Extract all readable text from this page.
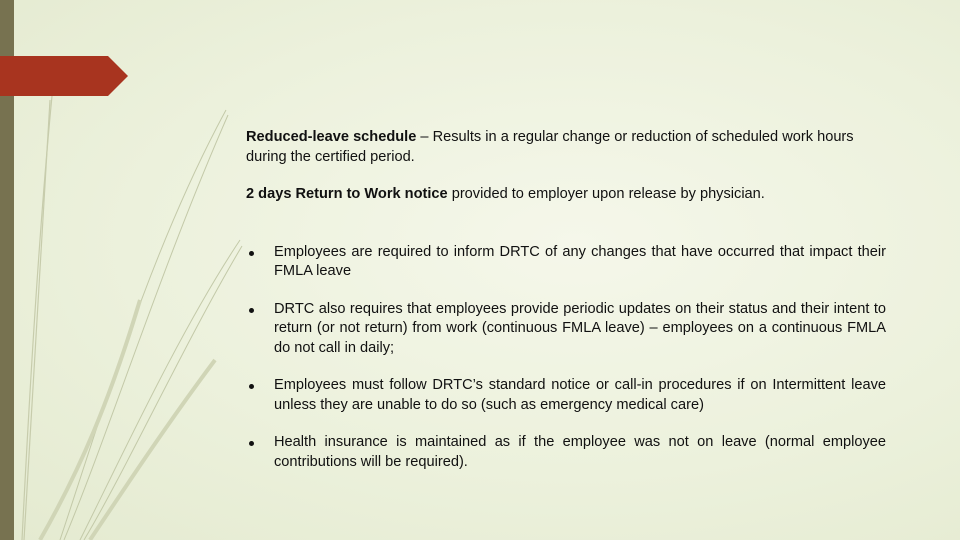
Reduced-leave schedule – Results in a regular change or reduction of scheduled work hours during the certified period.

2 days Return to Work notice provided to employer upon release by physician.

Employees are required to inform DRTC of any changes that have occurred that impact their FMLA leave
DRTC also requires that employees provide periodic updates on their status and their intent to return (or not return) from work (continuous FMLA leave) – employees on a continuous FMLA do not call in daily;
Employees must follow DRTC’s standard notice or call-in procedures if on Intermittent leave unless they are unable to do so (such as emergency medical care)
Health insurance is maintained as if the employee was not on leave (normal employee contributions will be required).
